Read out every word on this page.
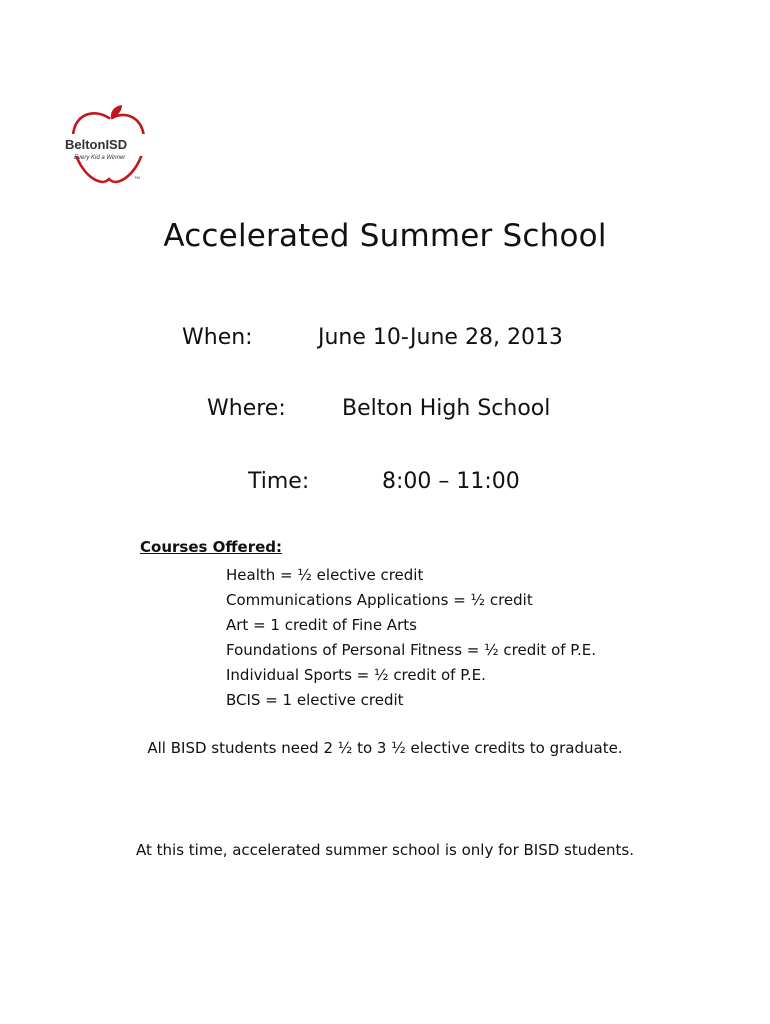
BeltonISD
Every Kid a Winner
TM
Accelerated Summer School
When:	June 10-June 28, 2013
Where:	Belton High School
Time:	8:00 – 11:00
Courses Offered:
Health = ½ elective credit
Communications Applications = ½ credit
Art = 1 credit of Fine Arts
Foundations of Personal Fitness = ½ credit of P.E.
Individual Sports = ½ credit of P.E.
BCIS = 1 elective credit
All BISD students need 2 ½ to 3 ½ elective credits to graduate.
At this time, accelerated summer school is only for BISD students.
